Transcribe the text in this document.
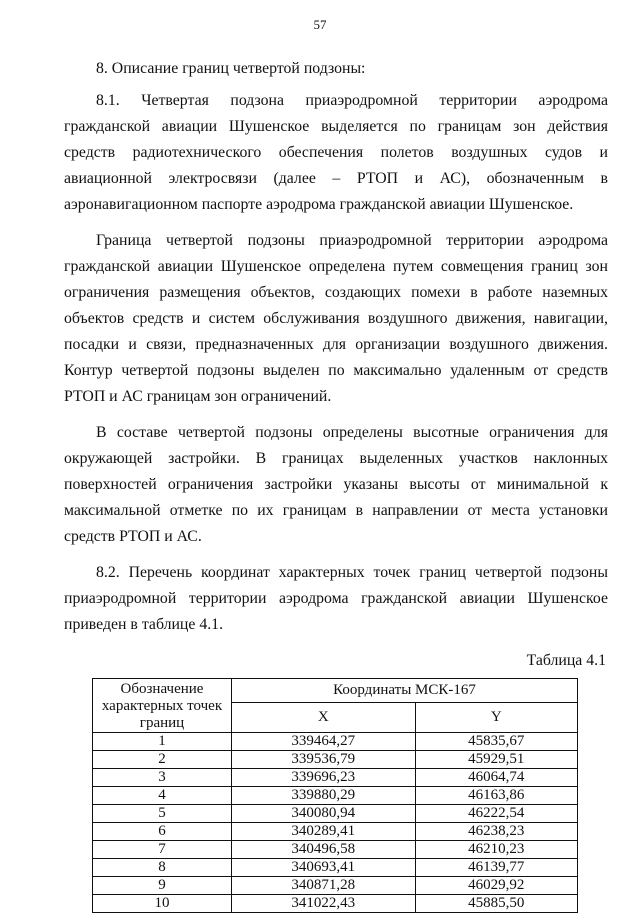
57

8. Описание границ четвертой подзоны:

8.1. Четвертая подзона приаэродромной территории аэродрома гражданской авиации Шушенское выделяется по границам зон действия средств радиотехнического обеспечения полетов воздушных судов и авиационной электросвязи (далее – РТОП и АС), обозначенным в аэронавигационном паспорте аэродрома гражданской авиации Шушенское.

Граница четвертой подзоны приаэродромной территории аэродрома гражданской авиации Шушенское определена путем совмещения границ зон ограничения размещения объектов, создающих помехи в работе наземных объектов средств и систем обслуживания воздушного движения, навигации, посадки и связи, предназначенных для организации воздушного движения. Контур четвертой подзоны выделен по максимально удаленным от средств РТОП и АС границам зон ограничений.

В составе четвертой подзоны определены высотные ограничения для окружающей застройки. В границах выделенных участков наклонных поверхностей ограничения застройки указаны высоты от минимальной к максимальной отметке по их границам в направлении от места установки средств РТОП и АС.

8.2. Перечень координат характерных точек границ четвертой подзоны приаэродромной территории аэродрома гражданской авиации Шушенское приведен в таблице 4.1.

Таблица 4.1

Обозначение характерных точек границ	Координаты МСК-167	
	X	Y
1	339464,27	45835,67
2	339536,79	45929,51
3	339696,23	46064,74
4	339880,29	46163,86
5	340080,94	46222,54
6	340289,41	46238,23
7	340496,58	46210,23
8	340693,41	46139,77
9	340871,28	46029,92
10	341022,43	45885,50
